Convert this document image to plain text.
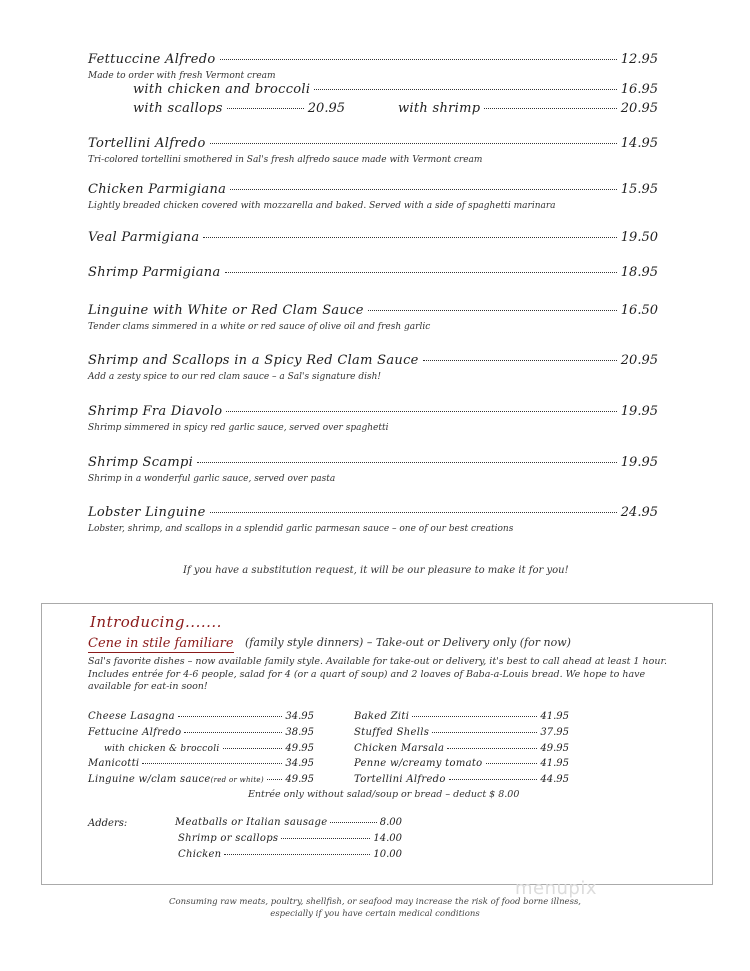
Fettuccine Alfredo	12.95
Made to order with fresh Vermont cream
with chicken and broccoli	16.95
with scallops	20.95	with shrimp	20.95
Tortellini Alfredo	14.95
Tri-colored tortellini smothered in Sal's fresh alfredo sauce made with Vermont cream
Chicken Parmigiana	15.95
Lightly breaded chicken covered with mozzarella and baked. Served with a side of spaghetti marinara
Veal Parmigiana	19.50
Shrimp Parmigiana	18.95
Linguine with White or Red Clam Sauce	16.50
Tender clams simmered in a white or red sauce of olive oil and fresh garlic
Shrimp and Scallops in a Spicy Red Clam Sauce	20.95
Add a zesty spice to our red clam sauce – a Sal's signature dish!
Shrimp Fra Diavolo	19.95
Shrimp simmered in spicy red garlic sauce, served over spaghetti
Shrimp Scampi	19.95
Shrimp in a wonderful garlic sauce, served over pasta
Lobster Linguine	24.95
Lobster, shrimp, and scallops in a splendid garlic parmesan sauce – one of our best creations
If you have a substitution request, it will be our pleasure to make it for you!
Introducing.......
Cene in stile familiare (family style dinners) – Take-out or Delivery only (for now)
Sal's favorite dishes – now available family style. Available for take-out or delivery, it's best to call ahead at least 1 hour.
Includes entrée for 4-6 people, salad for 4 (or a quart of soup) and 2 loaves of Baba-a-Louis bread. We hope to have
available for eat-in soon!
Cheese Lasagna	34.95
Fettucine Alfredo	38.95
with chicken & broccoli	49.95
Manicotti	34.95
Linguine w/clam sauce(red or white) 49.95
Baked Ziti	41.95
Stuffed Shells	37.95
Chicken Marsala	49.95
Penne w/creamy tomato	41.95
Tortellini Alfredo	44.95
Entrée only without salad/soup or bread – deduct $ 8.00
Adders:	Meatballs or Italian sausage	8.00
Shrimp or scallops	14.00
Chicken	10.00
menupix
Consuming raw meats, poultry, shellfish, or seafood may increase the risk of food borne illness,
especially if you have certain medical conditions
